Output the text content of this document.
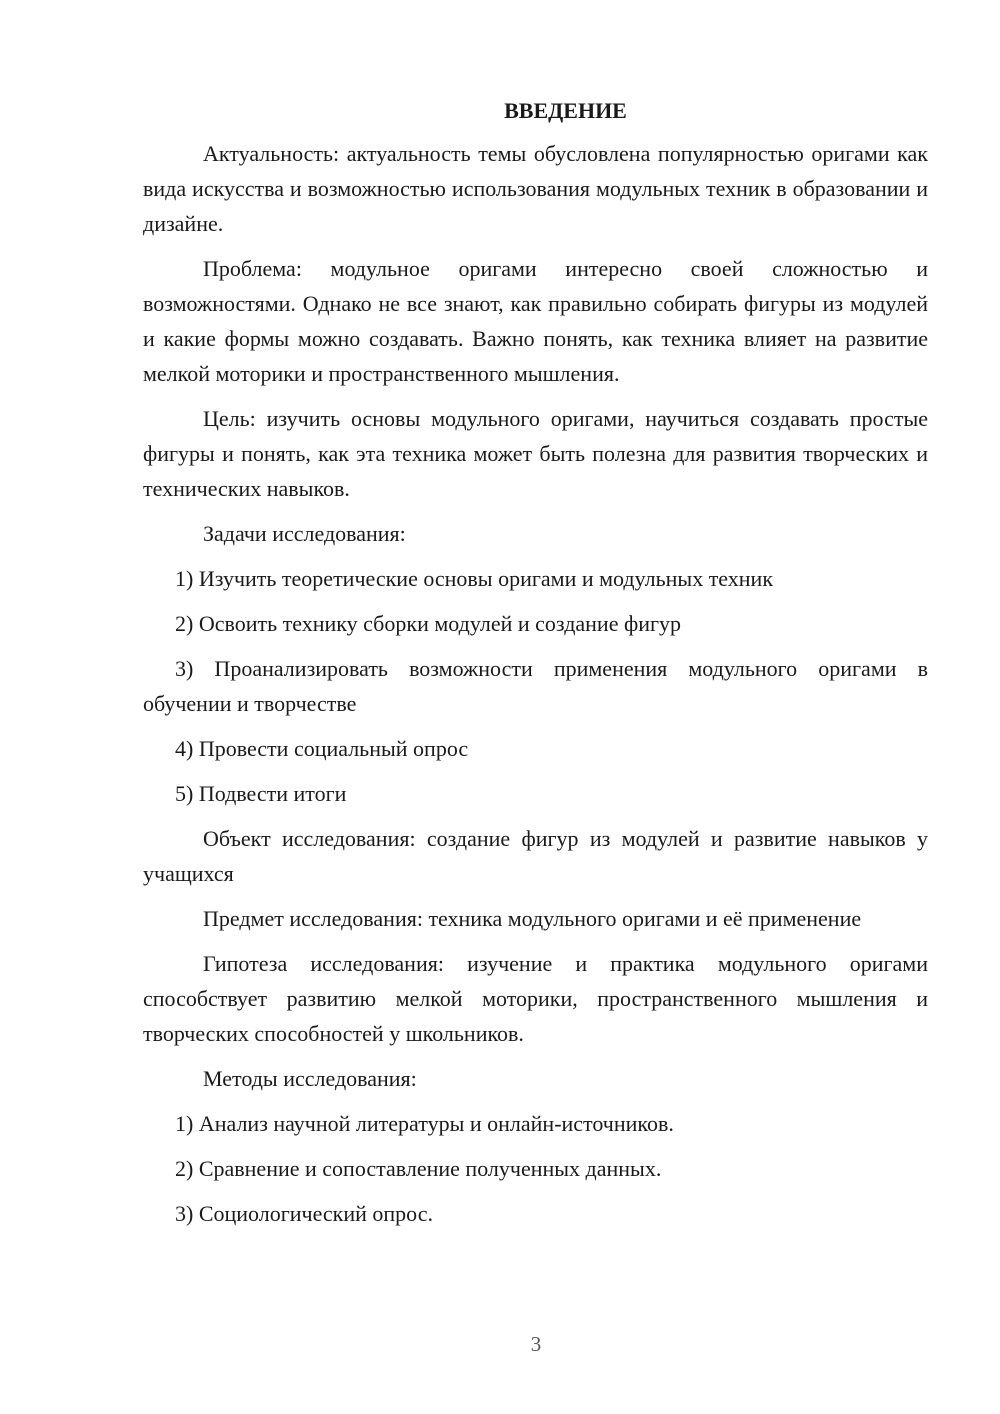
ВВЕДЕНИЕ

Актуальность: актуальность темы обусловлена популярностью оригами как вида искусства и возможностью использования модульных техник в образовании и дизайне.

Проблема: модульное оригами интересно своей сложностью и возможностями. Однако не все знают, как правильно собирать фигуры из модулей и какие формы можно создавать. Важно понять, как техника влияет на развитие мелкой моторики и пространственного мышления.

Цель: изучить основы модульного оригами, научиться создавать простые фигуры и понять, как эта техника может быть полезна для развития творческих и технических навыков.

Задачи исследования:

1) Изучить теоретические основы оригами и модульных техник

2) Освоить технику сборки модулей и создание фигур

3) Проанализировать возможности применения модульного оригами в обучении и творчестве

4) Провести социальный опрос

5) Подвести итоги

Объект исследования: создание фигур из модулей и развитие навыков у учащихся

Предмет исследования: техника модульного оригами и её применение

Гипотеза исследования: изучение и практика модульного оригами способствует развитию мелкой моторики, пространственного мышления и творческих способностей у школьников.

Методы исследования:

1) Анализ научной литературы и онлайн-источников.

2) Сравнение и сопоставление полученных данных.

3) Социологический опрос.

3
